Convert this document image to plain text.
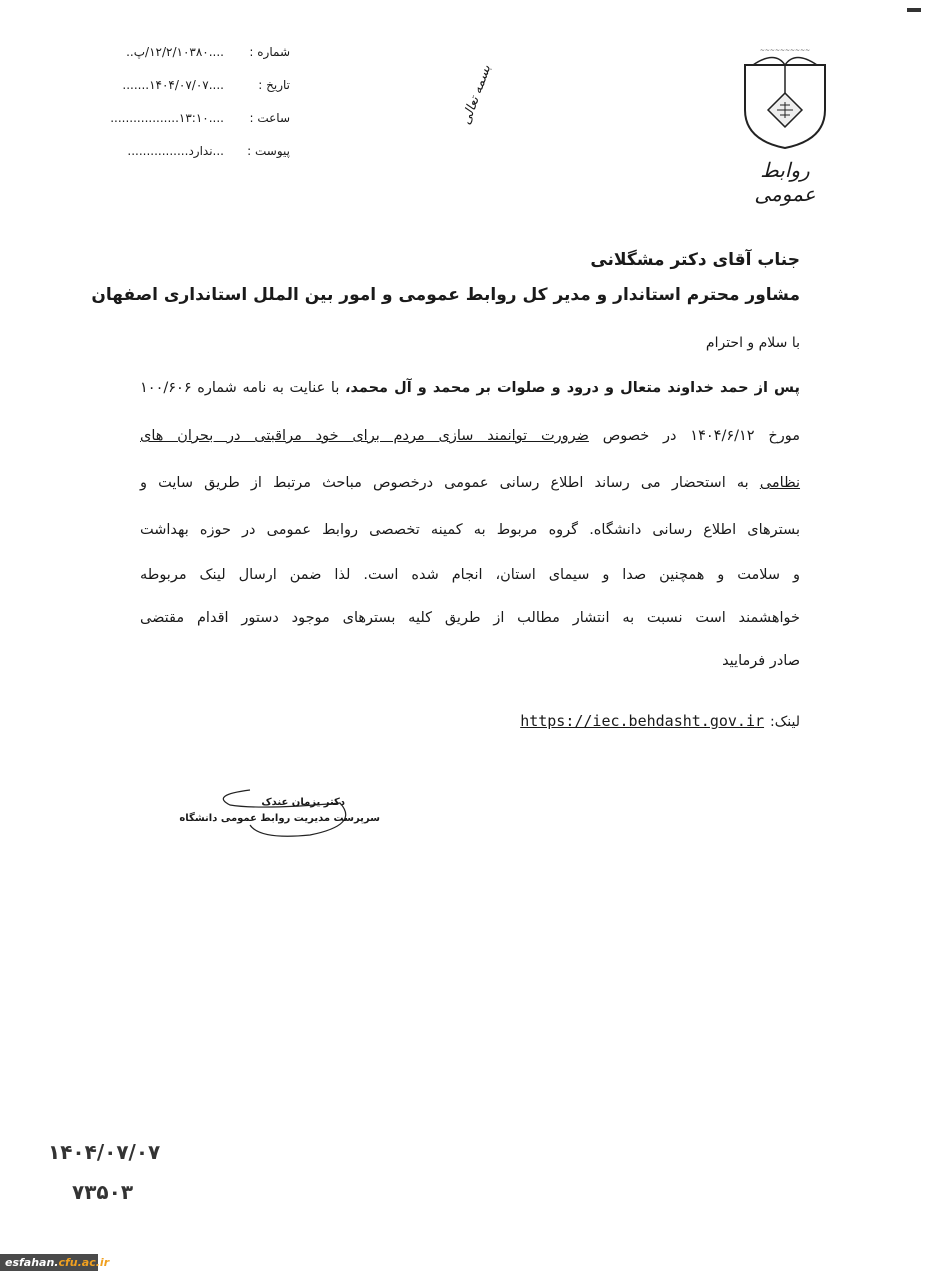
شماره :
....۱۲/۲/۱۰۳۸۰/پ..
تاریخ :
....۱۴۰۴/۰۷/۰۷.......
ساعت :
....۱۳:۱۰..................
پیوست :
...ندارد................
بسمه تعالی
~~~~~~~~~~
روابط عمومی
جناب آقای دکتر مشگلانی
مشاور محترم استاندار و مدیر کل روابط عمومی و امور بین الملل استانداری اصفهان
با سلام و احترام
پس از حمد خداوند متعال و درود و صلوات بر محمد و آل محمد، با عنایت به نامه شماره ۱۰۰/۶۰۶
مورخ ۱۴۰۴/۶/۱۲ در خصوص ضرورت توانمند سازی مردم برای خود مراقبتی در بحران های
نظامی به استحضار می رساند اطلاع رسانی عمومی درخصوص مباحث مرتبط از طریق سایت و
بسترهای اطلاع رسانی دانشگاه. گروه مربوط به کمینه تخصصی روابط عمومی در حوزه بهداشت
و سلامت و همچنین صدا و سیمای استان، انجام شده است. لذا ضمن ارسال لینک مربوطه
خواهشمند است نسبت به انتشار مطالب از طریق کلیه بسترهای موجود دستور اقدام مقتضی
صادر فرمایید
لینک:
https://iec.behdasht.gov.ir
دکتر یزمان عندک
سرپرست مدیریت روابط عمومی دانشگاه
۱۴۰۴/۰۷/۰۷
۷۳۵۰۳
esfahan.cfu.ac.ir
